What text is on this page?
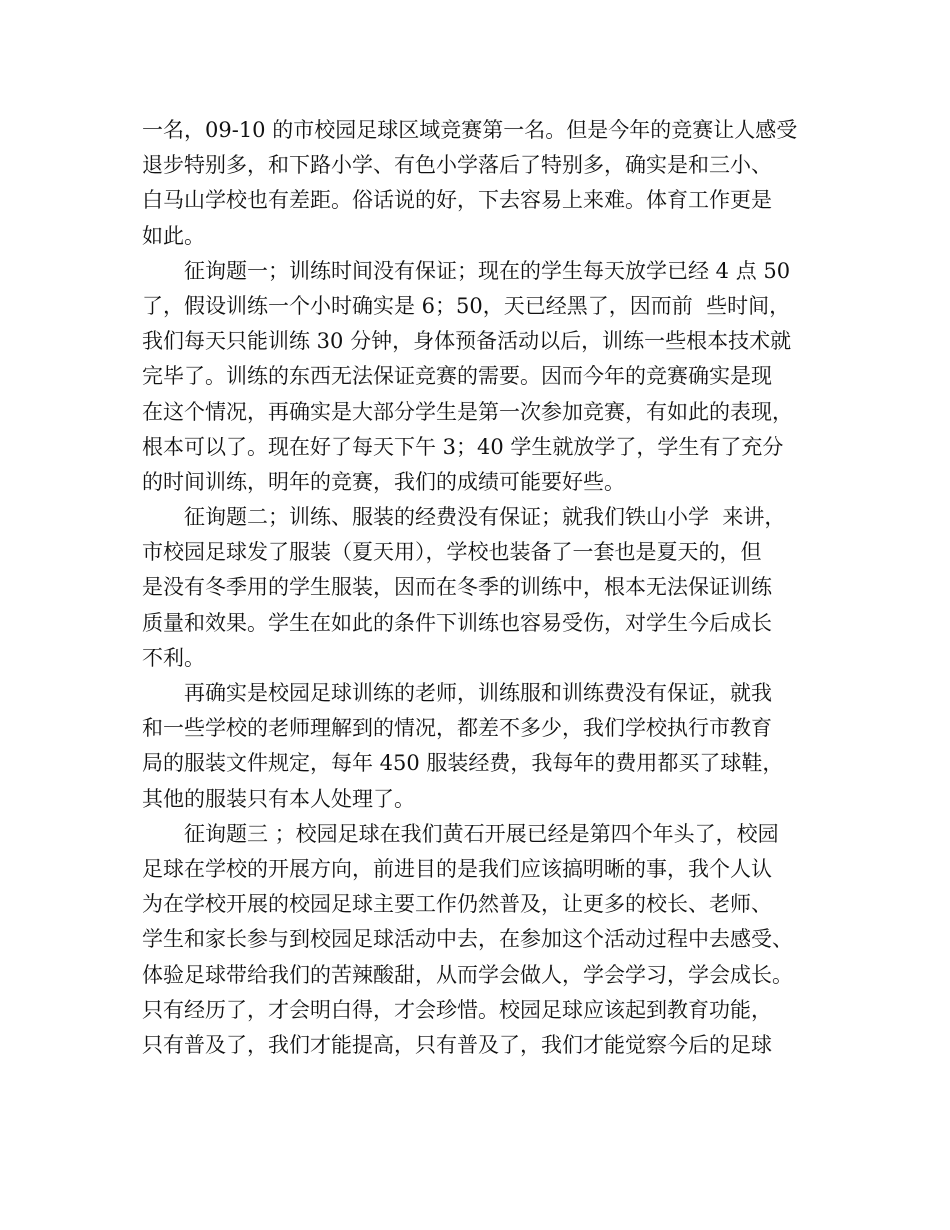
一名，09-10 的市校园足球区域竞赛第一名。但是今年的竞赛让人感受
退步特别多，和下路小学、有色小学落后了特别多，确实是和三小、
白马山学校也有差距。俗话说的好，下去容易上来难。体育工作更是
如此。
征询题一；训练时间没有保证；现在的学生每天放学已经 4 点 50
了，假设训练一个小时确实是 6；50，天已经黑了，因而前  些时间，
我们每天只能训练 30 分钟，身体预备活动以后，训练一些根本技术就
完毕了。训练的东西无法保证竞赛的需要。因而今年的竞赛确实是现
在这个情况，再确实是大部分学生是第一次参加竞赛，有如此的表现，
根本可以了。现在好了每天下午 3；40 学生就放学了，学生有了充分
的时间训练，明年的竞赛，我们的成绩可能要好些。
征询题二；训练、服装的经费没有保证；就我们铁山小学  来讲，
市校园足球发了服装（夏天用），学校也装备了一套也是夏天的，但
是没有冬季用的学生服装，因而在冬季的训练中，根本无法保证训练
质量和效果。学生在如此的条件下训练也容易受伤，对学生今后成长
不利。
再确实是校园足球训练的老师，训练服和训练费没有保证，就我
和一些学校的老师理解到的情况，都差不多少，我们学校执行市教育
局的服装文件规定，每年 450 服装经费，我每年的费用都买了球鞋，
其他的服装只有本人处理了。
征询题三 ；校园足球在我们黄石开展已经是第四个年头了，校园
足球在学校的开展方向，前进目的是我们应该搞明晰的事，我个人认
为在学校开展的校园足球主要工作仍然普及，让更多的校长、老师、
学生和家长参与到校园足球活动中去，在参加这个活动过程中去感受、
体验足球带给我们的苦辣酸甜，从而学会做人，学会学习，学会成长。
只有经历了，才会明白得，才会珍惜。校园足球应该起到教育功能，
只有普及了，我们才能提高，只有普及了，我们才能觉察今后的足球
